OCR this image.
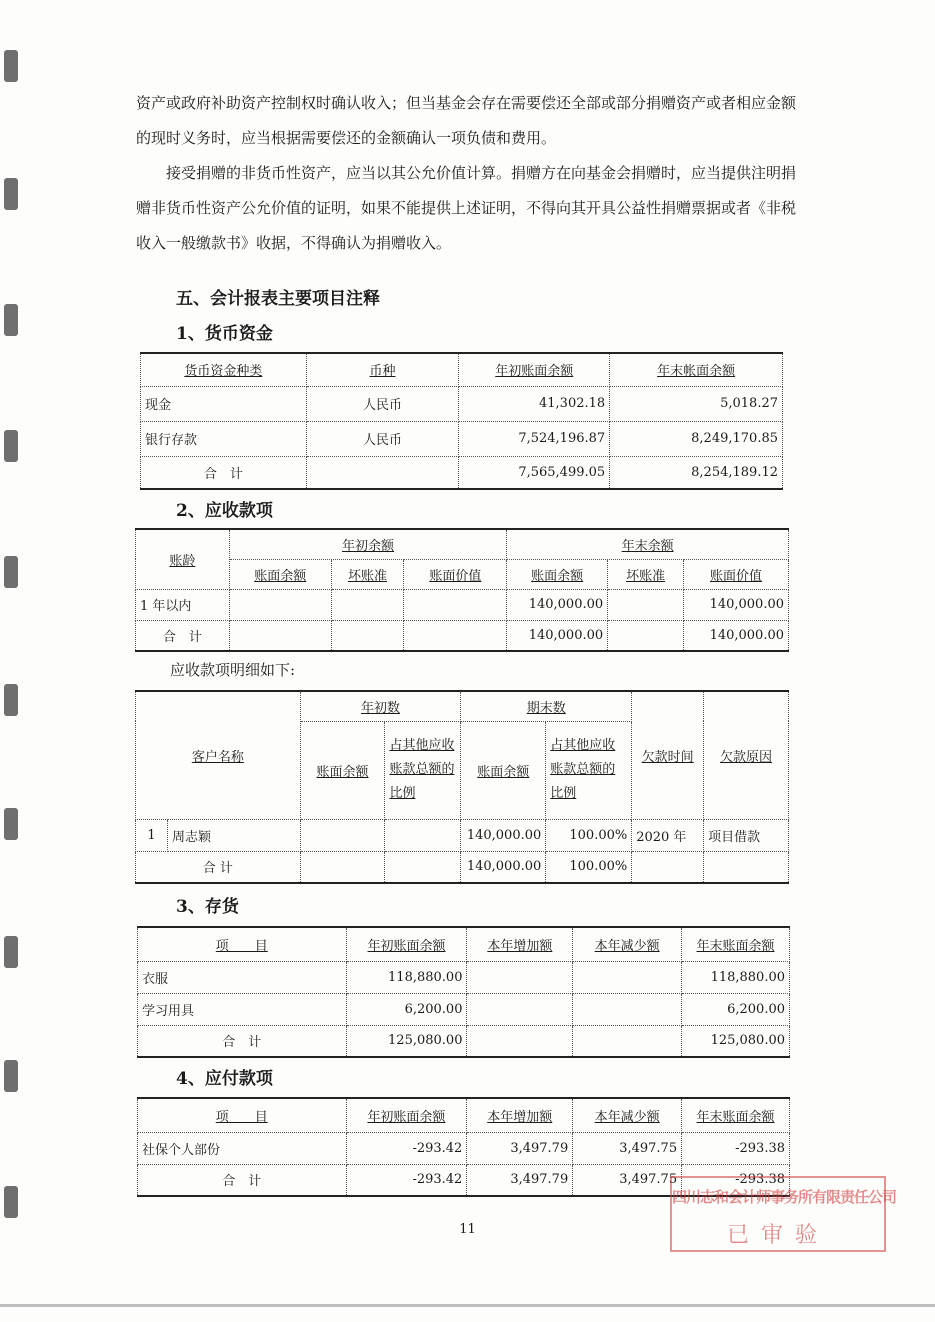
资产或政府补助资产控制权时确认收入；但当基金会存在需要偿还全部或部分捐赠资产或者相应金额的现时义务时，应当根据需要偿还的金额确认一项负债和费用。

接受捐赠的非货币性资产，应当以其公允价值计算。捐赠方在向基金会捐赠时，应当提供注明捐赠非货币性资产公允价值的证明，如果不能提供上述证明，不得向其开具公益性捐赠票据或者《非税收入一般缴款书》收据，不得确认为捐赠收入。

五、会计报表主要项目注释
1、货币资金
货币资金种类	币种	年初账面余额	年末帐面余额
现金	人民币	41,302.18	5,018.27
银行存款	人民币	7,524,196.87	8,249,170.85
合　计		7,565,499.05	8,254,189.12
2、应收款项
账龄	年初余额			年末余额		
	账面余额	坏账准	账面价值	账面余额	坏账准	账面价值
1 年以内				140,000.00		140,000.00
合　计				140,000.00		140,000.00
应收款项明细如下:
客户名称		年初数		期末数		欠款时间	欠款原因
		账面余额	占其他应收账款总额的比例	账面余额	占其他应收账款总额的比例		
1	周志颖			140,000.00	100.00%	2020 年	项目借款
合 计				140,000.00	100.00%		
3、存货
项　　目	年初账面余额	本年增加额	本年减少额	年末账面余额
衣服	118,880.00			118,880.00
学习用具	6,200.00			6,200.00
合　计	125,080.00			125,080.00
4、应付款项
项　　目	年初账面余额	本年增加额	本年减少额	年末账面余额
社保个人部份	-293.42	3,497.79	3,497.75	-293.38
合　计	-293.42	3,497.79	3,497.75	-293.38
四川志和会计师事务所有限责任公司
已审验
11
